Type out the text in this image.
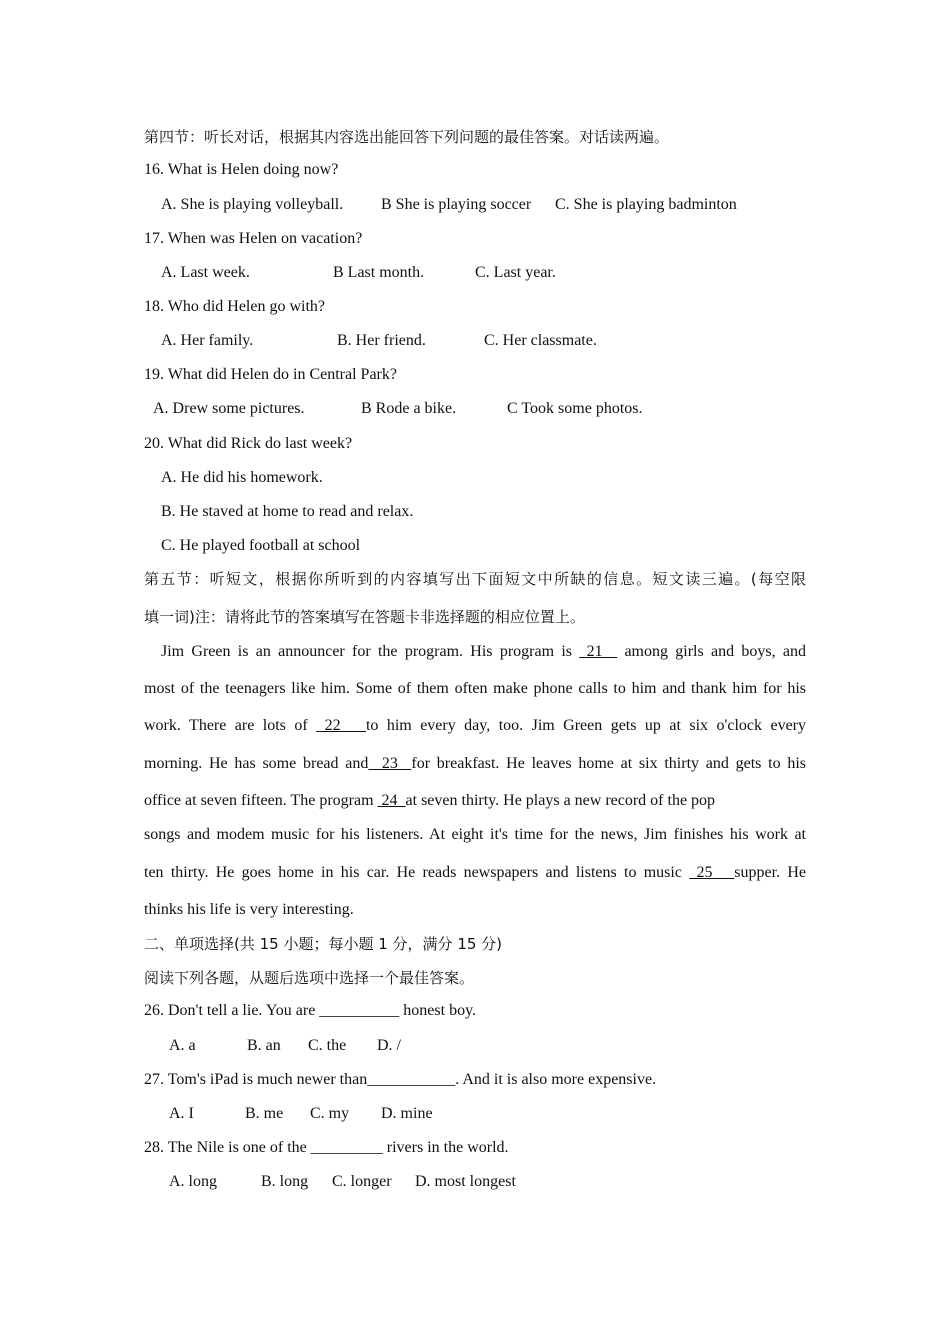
第四节：听长对话，根据其内容选出能回答下列问题的最佳答案。对话读两遍。
16. What is Helen doing now?
A. She is playing volleyball. B She is playing soccer C. She is playing badminton
17. When was Helen on vacation?
A. Last week.	B Last month.	C. Last year.
18. Who did Helen go with?
A. Her family.	B. Her friend.	C. Her classmate.
19. What did Helen do in Central Park?
A. Drew some pictures.	B Rode a bike.	C Took some photos.
20. What did Rick do last week?
A. He did his homework.
B. He staved at home to read and relax.
C. He played football at school
第五节：听短文，根据你所听到的内容填写出下面短文中所缺的信息。短文读三遍。(每空限
填一词)注：请将此节的答案填写在答题卡非选择题的相应位置上。
Jim Green is an announcer for the program. His program is  21   among girls and boys, and
most of the teenagers like him. Some of them often make phone calls to him and thank him for his
work. There are lots of  22   to him every day, too. Jim Green gets up at six o'clock every
morning. He has some bread and  23  for breakfast. He leaves home at six thirty and gets to his
office at seven fifteen. The program  24  at seven thirty. He plays a new record of the pop
songs and modem music for his listeners. At eight it's time for the news, Jim finishes his work at
ten thirty. He goes home in his car. He reads newspapers and listens to music  25   supper. He
thinks his life is very interesting.
二、单项选择(共 15 小题；每小题 1 分，满分 15 分)
阅读下列各题，从题后选项中选择一个最佳答案。
26. Don't tell a lie. You are __________ honest boy.
A. a	B. an C. the D. /
27. Tom's iPad is much newer than___________. And it is also more expensive.
A. I	B. me C. my D. mine
28. The Nile is one of the _________ rivers in the world.
A. long	B. long C. longer D. most longest
